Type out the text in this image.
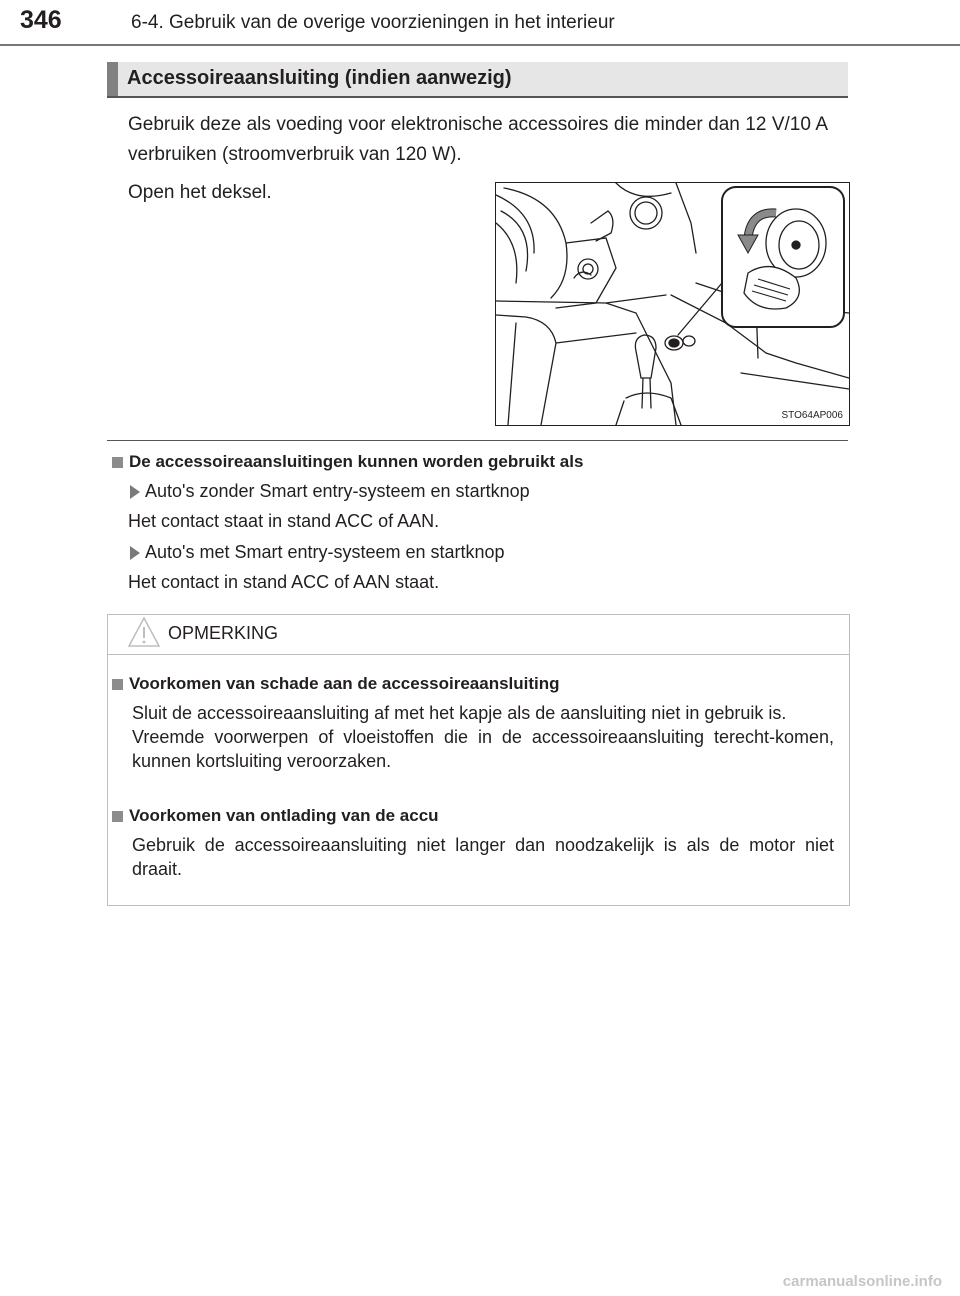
346	6-4. Gebruik van de overige voorzieningen in het interieur
Accessoireaansluiting (indien aanwezig)
Gebruik deze als voeding voor elektronische accessoires die minder dan 12 V/10 A verbruiken (stroomverbruik van 120 W).
Open het deksel.
STO64AP006
De accessoireaansluitingen kunnen worden gebruikt als
Auto's zonder Smart entry-systeem en startknop
Het contact staat in stand ACC of AAN.
Auto's met Smart entry-systeem en startknop
Het contact in stand ACC of AAN staat.
OPMERKING
Voorkomen van schade aan de accessoireaansluiting

Sluit de accessoireaansluiting af met het kapje als de aansluiting niet in gebruik is.

Vreemde voorwerpen of vloeistoffen die in de accessoireaansluiting terecht-komen, kunnen kortsluiting veroorzaken.

Voorkomen van ontlading van de accu
Gebruik de accessoireaansluiting niet langer dan noodzakelijk is als de motor niet draait.
carmanualsonline.info
